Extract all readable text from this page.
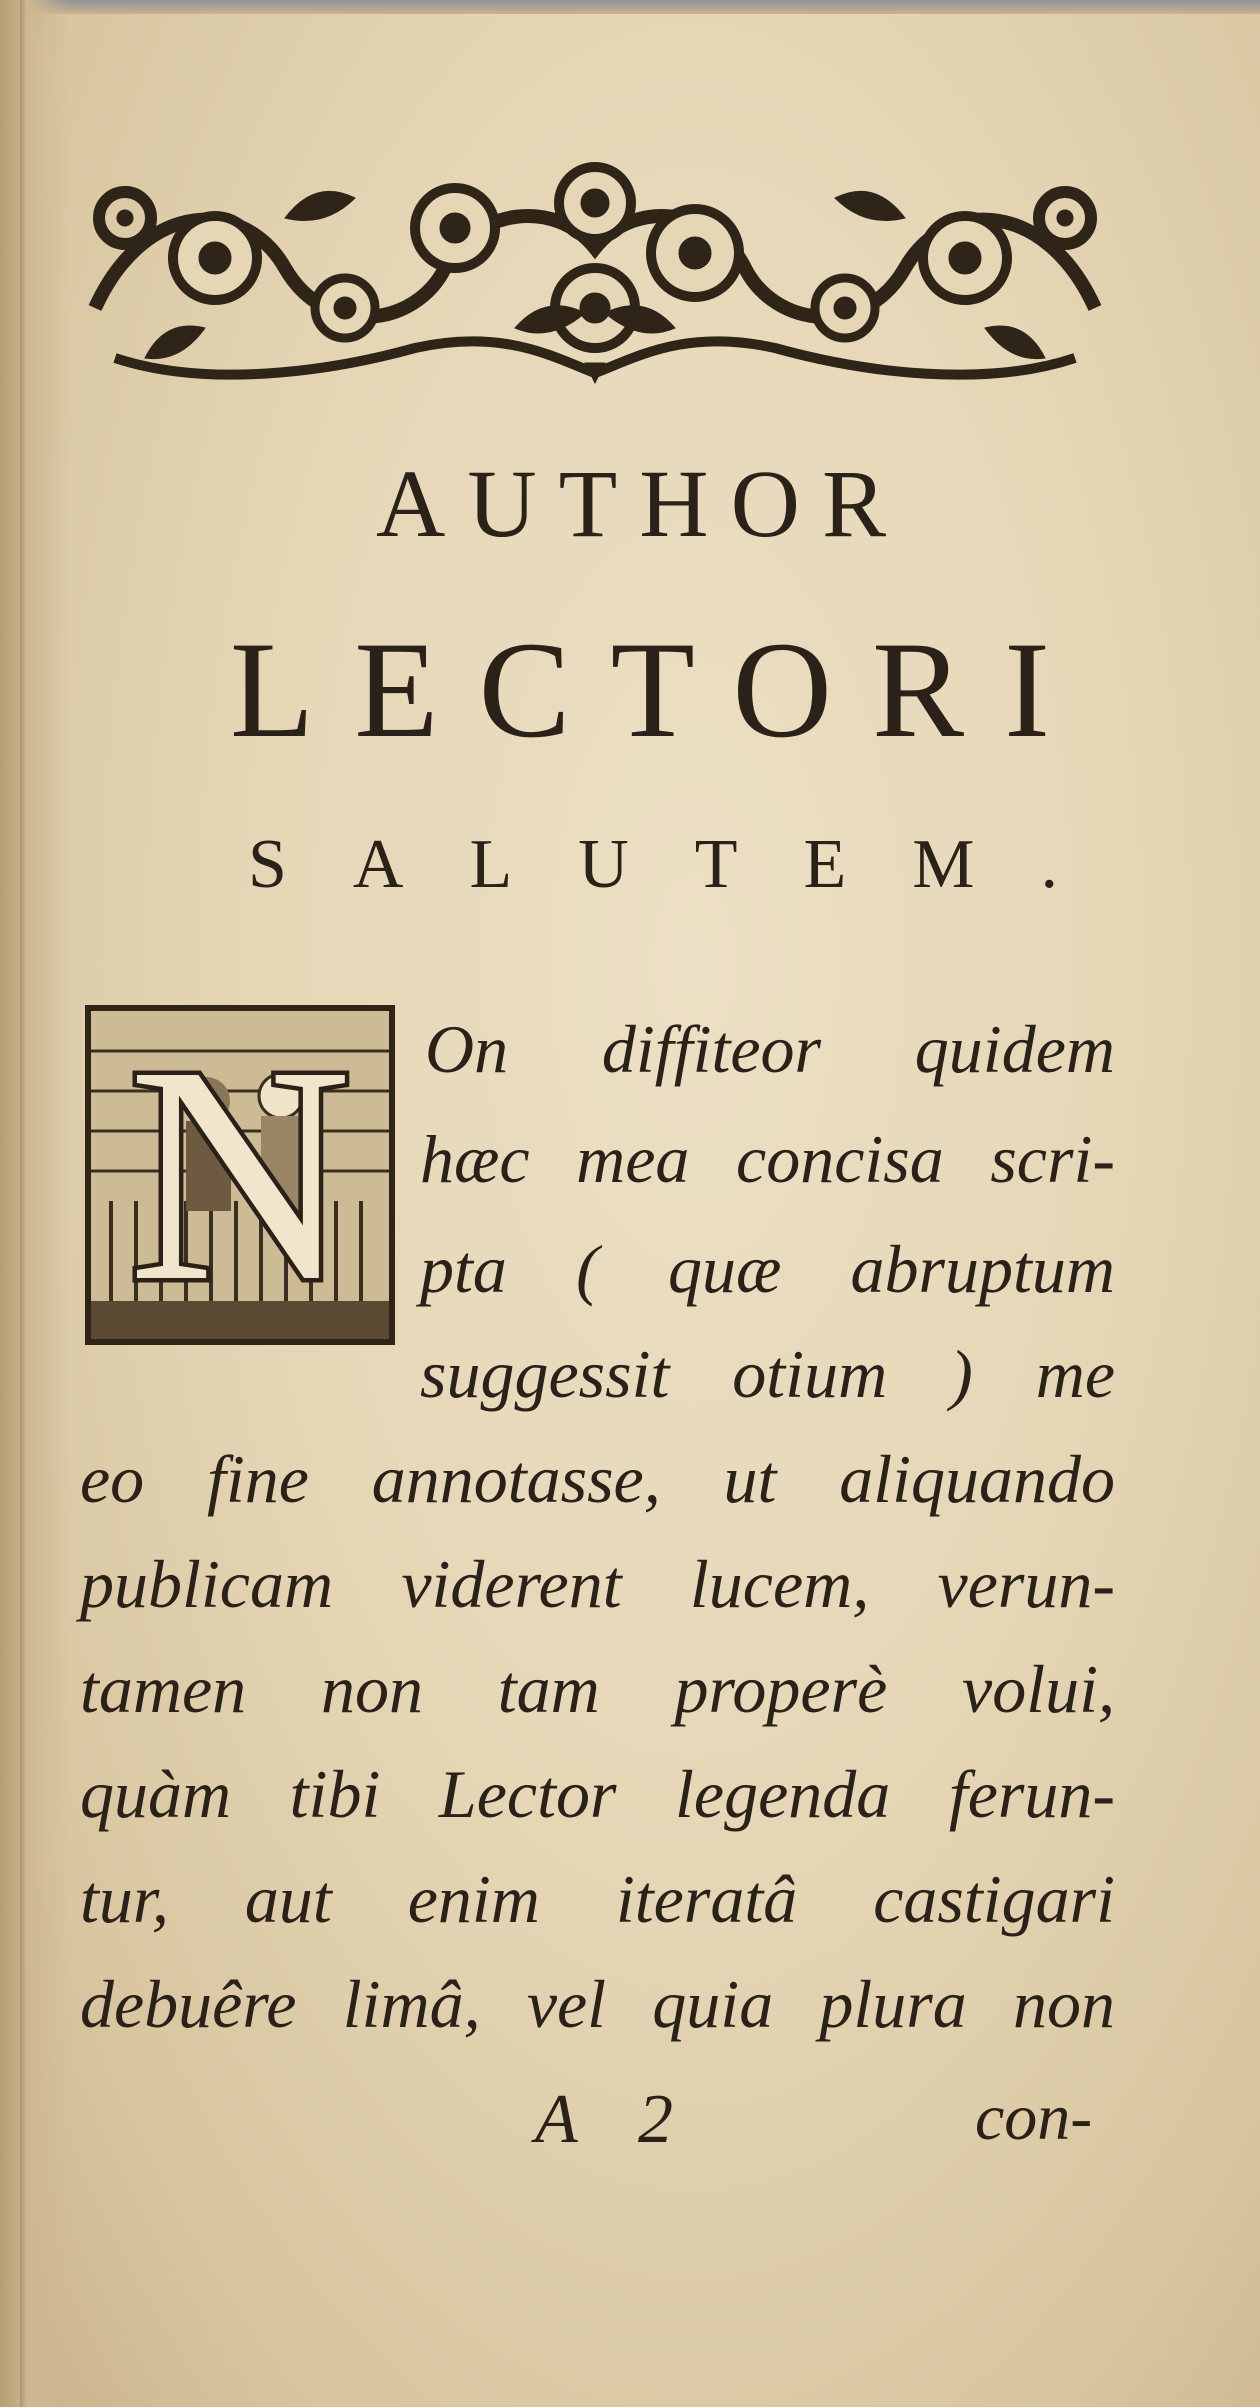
AUTHOR
LECTORI
SALUTEM.
N	On diffiteor quidem
hæc mea concisa scri-
pta ( quæ abruptum
suggessit otium ) me
eo fine annotasse, ut aliquando
publicam viderent lucem, verun-
tamen non tam properè volui,
quàm tibi Lector legenda ferun-
tur, aut enim iteratâ castigari
debuêre limâ, vel quia plura non
A 2	con-
